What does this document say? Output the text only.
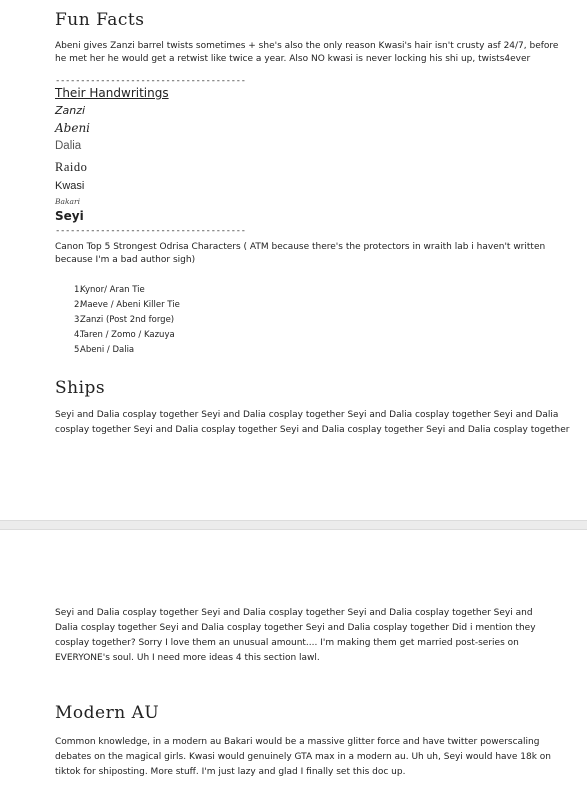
Fun Facts
Abeni gives Zanzi barrel twists sometimes + she's also the only reason Kwasi's hair isn't crusty asf 24/7, before he met her he would get a retwist like twice a year. Also NO kwasi is never locking his shi up, twists4ever
--------------------------------------
Their Handwritings
Zanzi
Abeni
Dalia
Raido
Kwasi
Bakari
Seyi
--------------------------------------
Canon Top 5 Strongest Odrisa Characters ( ATM because there's the protectors in wraith lab i haven't written because I'm a bad author sigh)
1.
Kynor/ Aran Tie
2.
Maeve / Abeni Killer Tie
3.
Zanzi (Post 2nd forge)
4.
Taren / Zomo / Kazuya
5.
Abeni / Dalia
Ships
Seyi and Dalia cosplay together Seyi and Dalia cosplay together Seyi and Dalia cosplay together Seyi and Dalia cosplay together Seyi and Dalia cosplay together Seyi and Dalia cosplay together Seyi and Dalia cosplay together
Seyi and Dalia cosplay together Seyi and Dalia cosplay together Seyi and Dalia cosplay together Seyi and Dalia cosplay together Seyi and Dalia cosplay together Seyi and Dalia cosplay together Did i mention they cosplay together? Sorry I love them an unusual amount.... I'm making them get married post-series on EVERYONE's soul. Uh I need more ideas 4 this section lawl.
Modern AU
Common knowledge, in a modern au Bakari would be a massive glitter force and have twitter powerscaling debates on the magical girls. Kwasi would genuinely GTA max in a modern au. Uh uh, Seyi would have 18k on tiktok for shiposting. More stuff. I'm just lazy and glad I finally set this doc up.
